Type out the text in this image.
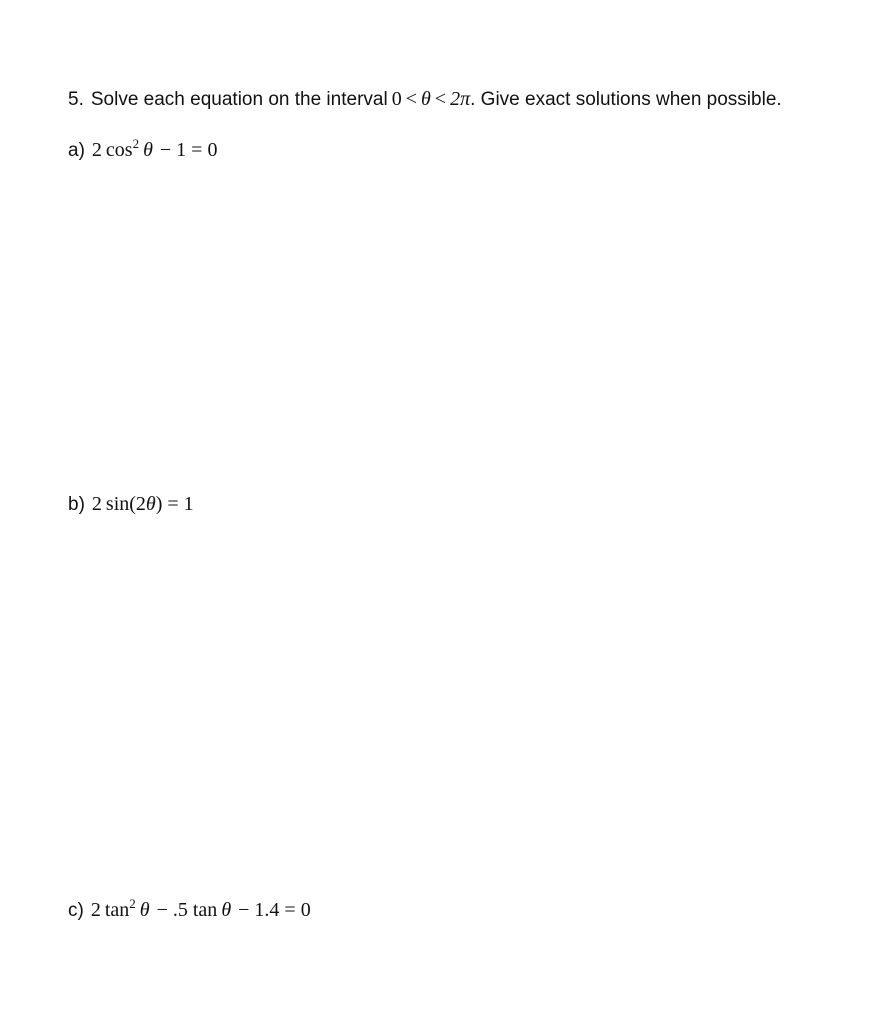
5. Solve each equation on the interval 0 < θ < 2π. Give exact solutions when possible.
a) 2 $\cos^2 \theta - 1 = 0$
b) 2 sin(2θ) = 1
c) 2 $\tan^2 \theta - .5$ tan θ − 1.4 = 0
